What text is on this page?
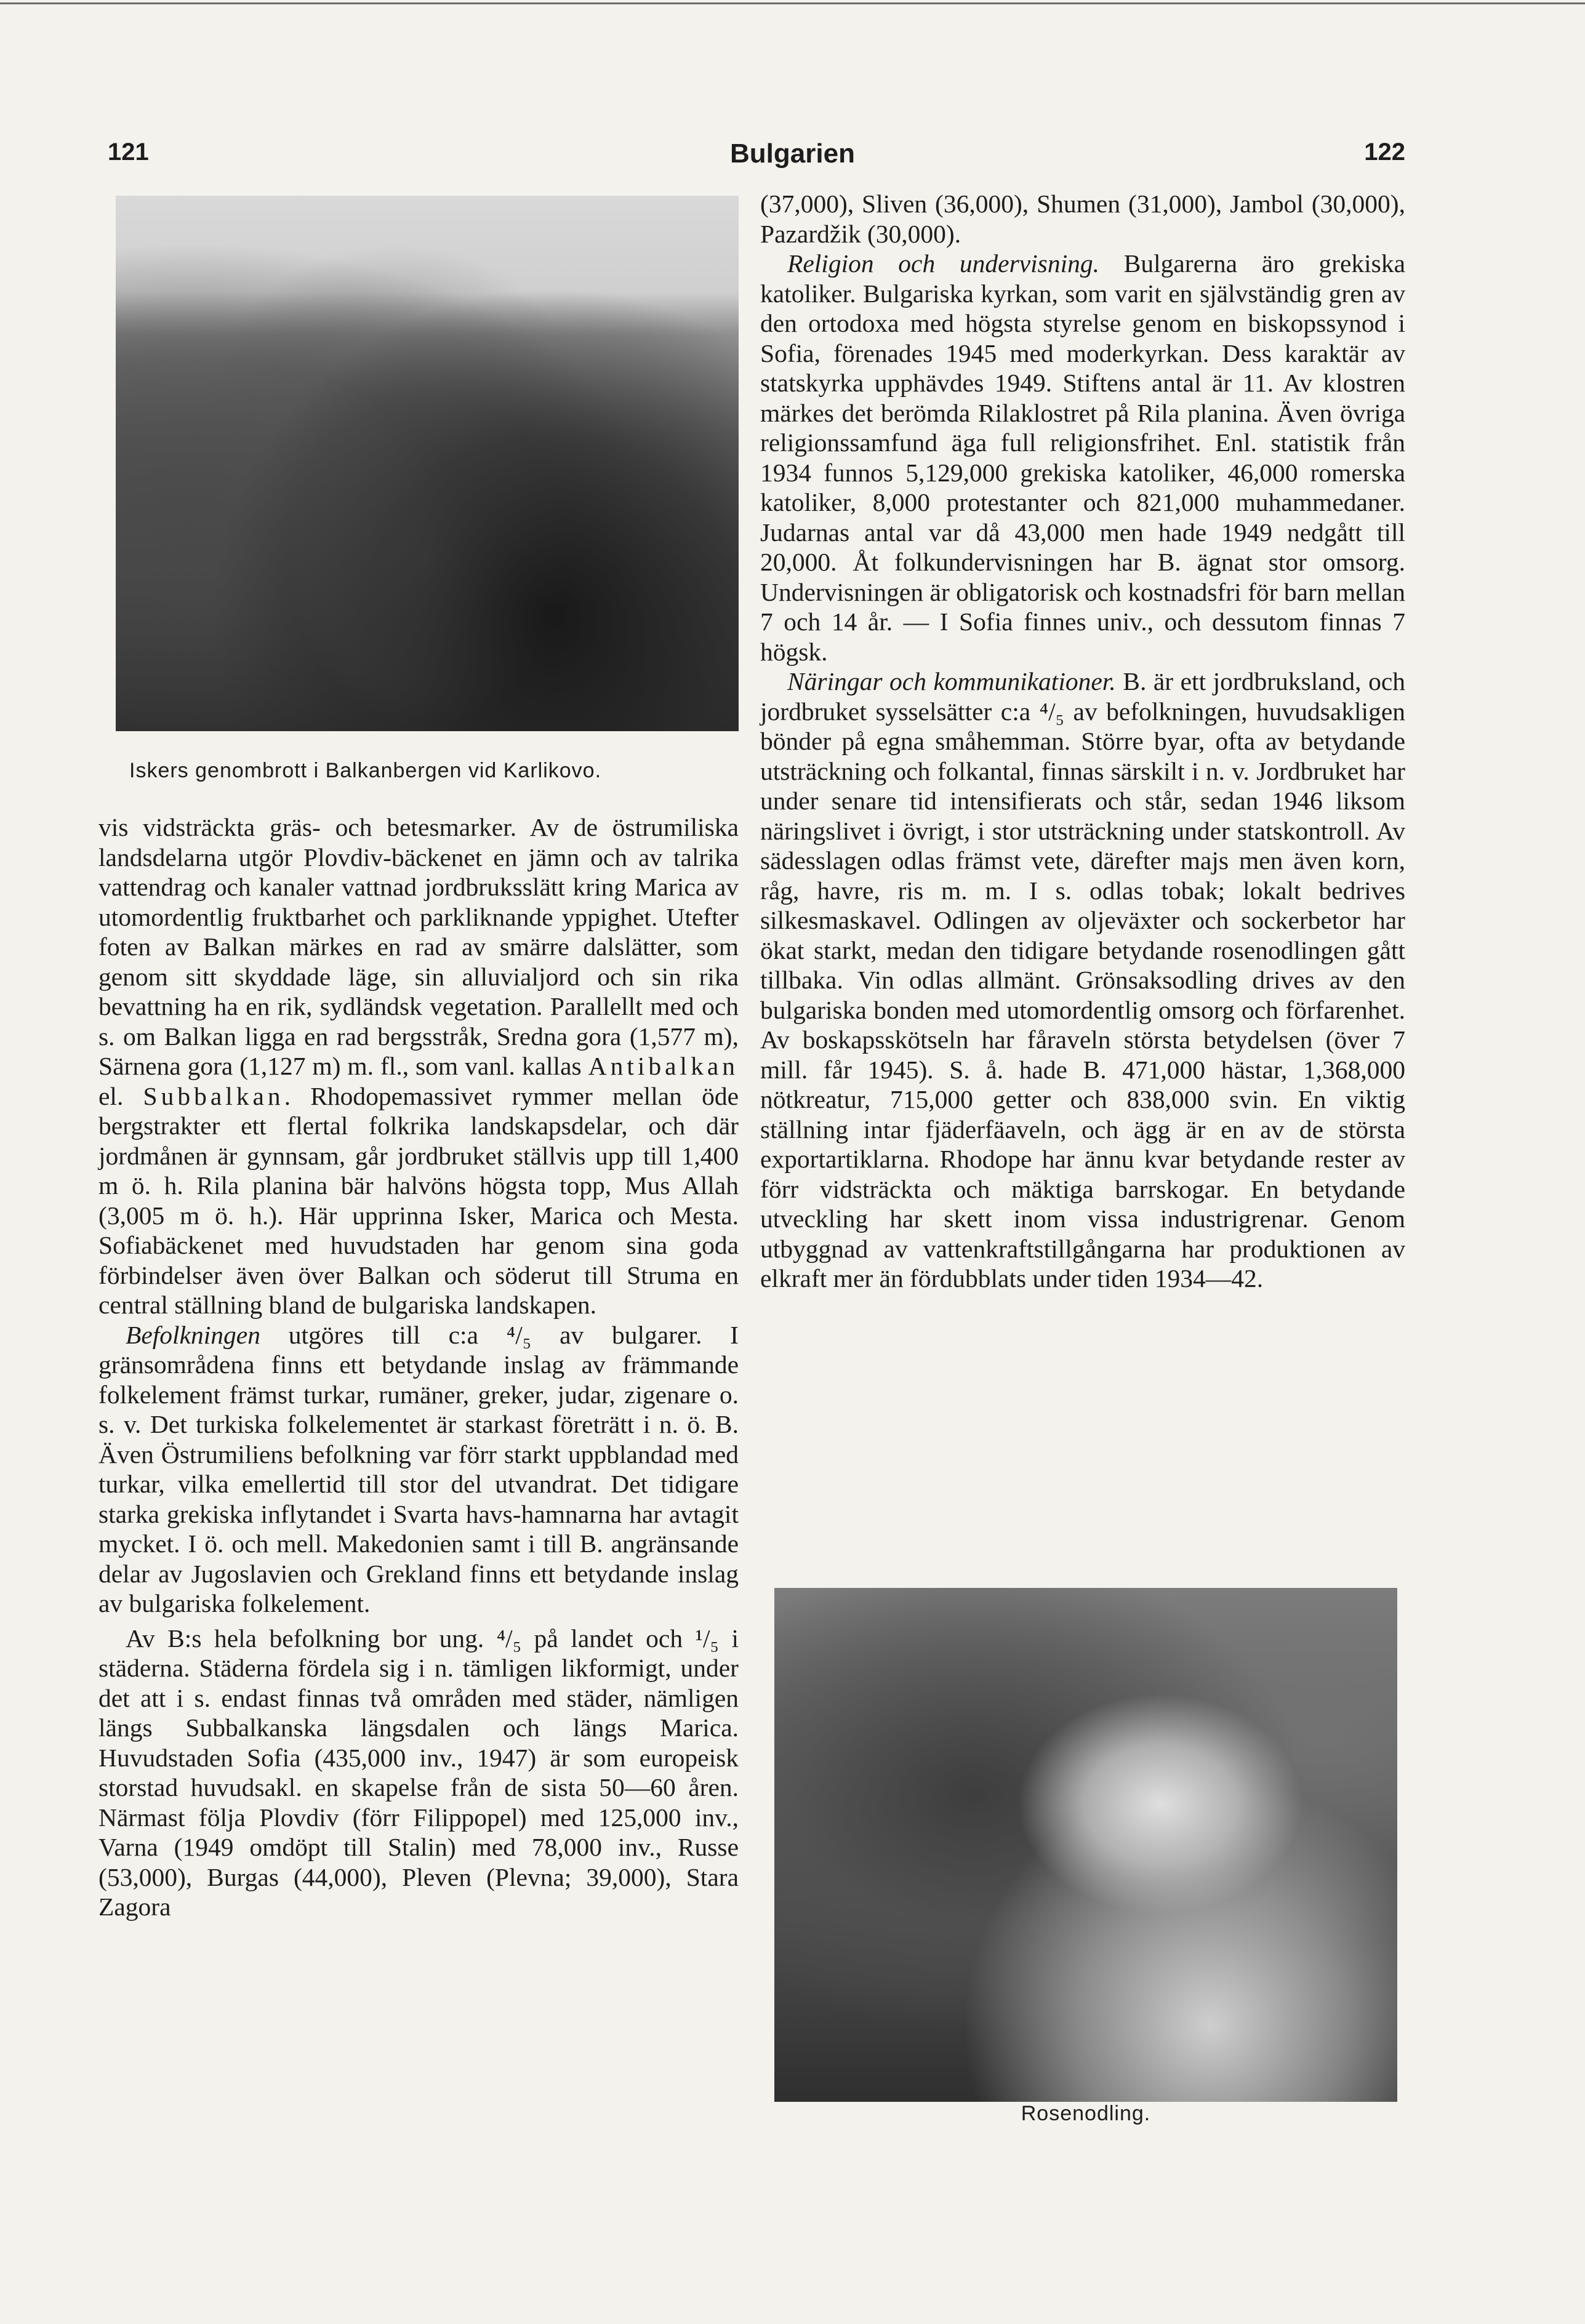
121	Bulgarien	122
Iskers genombrott i Balkanbergen vid Karlikovo.

vis vidsträckta gräs- och betesmarker. Av de östrumiliska landsdelarna utgör Plovdiv-bäckenet en jämn och av talrika vattendrag och kanaler vattnad jordbruksslätt kring Marica av utomordentlig fruktbarhet och parkliknande yppighet. Utefter foten av Balkan märkes en rad av smärre dalslätter, som genom sitt skyddade läge, sin alluvialjord och sin rika bevattning ha en rik, sydländsk vegetation. Parallellt med och s. om Balkan ligga en rad bergsstråk, Sredna gora (1,577 m), Särnena gora (1,127 m) m. fl., som vanl. kallas Antibalkan el. Subbalkan. Rhodopemassivet rymmer mellan öde bergstrakter ett flertal folkrika landskapsdelar, och där jordmånen är gynnsam, går jordbruket ställvis upp till 1,400 m ö. h. Rila planina bär halvöns högsta topp, Mus Allah (3,005 m ö. h.). Här upprinna Isker, Marica och Mesta. Sofiabäckenet med huvudstaden har genom sina goda förbindelser även över Balkan och söderut till Struma en central ställning bland de bulgariska landskapen.

Befolkningen utgöres till c:a ⁴/₅ av bulgarer. I gränsområdena finns ett betydande inslag av främmande folkelement främst turkar, rumäner, greker, judar, zigenare o. s. v. Det turkiska folkelementet är starkast företrätt i n. ö. B. Även Östrumiliens befolkning var förr starkt uppblandad med turkar, vilka emellertid till stor del utvandrat. Det tidigare starka grekiska inflytandet i Svarta havs-hamnarna har avtagit mycket. I ö. och mell. Makedonien samt i till B. angränsande delar av Jugoslavien och Grekland finns ett betydande inslag av bulgariska folkelement.

Av B:s hela befolkning bor ung. ⁴/₅ på landet och ¹/₅ i städerna. Städerna fördela sig i n. tämligen likformigt, under det att i s. endast finnas två områden med städer, nämligen längs Subbalkanska längsdalen och längs Marica. Huvudstaden Sofia (435,000 inv., 1947) är som europeisk storstad huvudsakl. en skapelse från de sista 50—60 åren. Närmast följa Plovdiv (förr Filippopel) med 125,000 inv., Varna (1949 omdöpt till Stalin) med 78,000 inv., Russe (53,000), Burgas (44,000), Pleven (Plevna; 39,000), Stara Zagora

(37,000), Sliven (36,000), Shumen (31,000), Jambol (30,000), Pazardžik (30,000).

Religion och undervisning. Bulgarerna äro grekiska katoliker. Bulgariska kyrkan, som varit en självständig gren av den ortodoxa med högsta styrelse genom en biskopssynod i Sofia, förenades 1945 med moderkyrkan. Dess karaktär av statskyrka upphävdes 1949. Stiftens antal är 11. Av klostren märkes det berömda Rilaklostret på Rila planina. Även övriga religionssamfund äga full religionsfrihet. Enl. statistik från 1934 funnos 5,129,000 grekiska katoliker, 46,000 romerska katoliker, 8,000 protestanter och 821,000 muhammedaner. Judarnas antal var då 43,000 men hade 1949 nedgått till 20,000. Åt folkundervisningen har B. ägnat stor omsorg. Undervisningen är obligatorisk och kostnadsfri för barn mellan 7 och 14 år. — I Sofia finnes univ., och dessutom finnas 7 högsk.

Näringar och kommunikationer. B. är ett jordbruksland, och jordbruket sysselsätter c:a ⁴/₅ av befolkningen, huvudsakligen bönder på egna småhemman. Större byar, ofta av betydande utsträckning och folkantal, finnas särskilt i n. v. Jordbruket har under senare tid intensifierats och står, sedan 1946 liksom näringslivet i övrigt, i stor utsträckning under statskontroll. Av sädesslagen odlas främst vete, därefter majs men även korn, råg, havre, ris m. m. I s. odlas tobak; lokalt bedrives silkesmaskavel. Odlingen av oljeväxter och sockerbetor har ökat starkt, medan den tidigare betydande rosenodlingen gått tillbaka. Vin odlas allmänt. Grönsaksodling drives av den bulgariska bonden med utomordentlig omsorg och förfarenhet. Av boskapsskötseln har fåraveln största betydelsen (över 7 mill. får 1945). S. å. hade B. 471,000 hästar, 1,368,000 nötkreatur, 715,000 getter och 838,000 svin. En viktig ställning intar fjäderfäaveln, och ägg är en av de största exportartiklarna. Rhodope har ännu kvar betydande rester av förr vidsträckta och mäktiga barrskogar. En betydande utveckling har skett inom vissa industrigrenar. Genom utbyggnad av vattenkraftstillgångarna har produktionen av elkraft mer än fördubblats under tiden 1934—42.

Rosenodling.
